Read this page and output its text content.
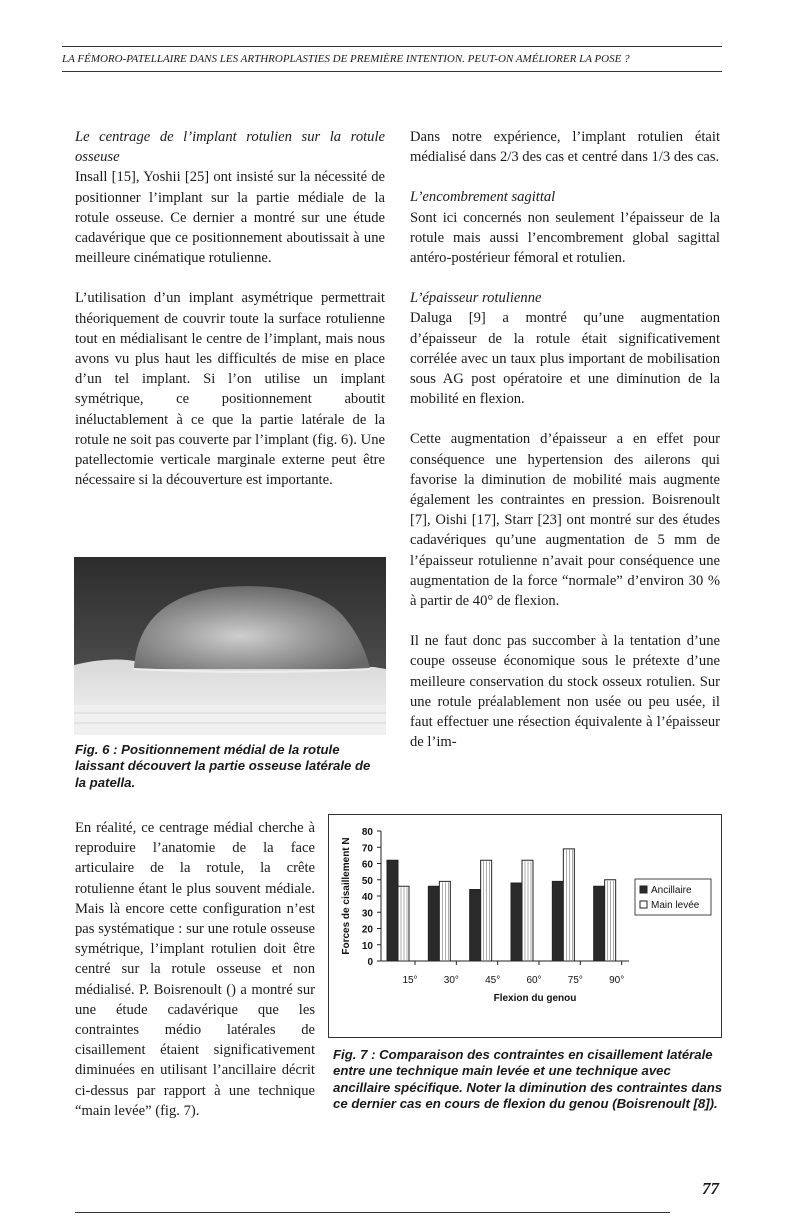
LA FÉMORO-PATELLAIRE DANS LES ARTHROPLASTIES DE PREMIÈRE INTENTION. PEUT-ON AMÉLIORER LA POSE ?

Le centrage de l’implant rotulien sur la rotule osseuse

Insall [15], Yoshii [25] ont insisté sur la nécessité de positionner l’implant sur la partie médiale de la rotule osseuse. Ce dernier a montré sur une étude cadavérique que ce positionnement aboutissait à une meilleure cinématique rotulienne.

L’utilisation d’un implant asymétrique permettrait théoriquement de couvrir toute la surface rotulienne tout en médialisant le centre de l’implant, mais nous avons vu plus haut les difficultés de mise en place d’un tel implant. Si l’on utilise un implant symétrique, ce positionnement aboutit inéluctablement à ce que la partie latérale de la rotule ne soit pas couverte par l’implant (fig. 6). Une patellectomie verticale marginale externe peut être nécessaire si la découverture est importante.

Fig. 6 : Positionnement médial de la rotule laissant découvert la partie osseuse latérale de la patella.

En réalité, ce centrage médial cherche à reproduire l’anatomie de la face articulaire de la rotule, la crête rotulienne étant le plus souvent médiale. Mais là encore cette configuration n’est pas systématique : sur une rotule osseuse symétrique, l’implant rotulien doit être centré sur la rotule osseuse et non médialisé. P. Boisrenoult () a montré sur une étude cadavérique que les contraintes médio latérales de cisaillement étaient significativement diminuées en utilisant l’ancillaire décrit ci-dessus par rapport à une technique “main levée” (fig. 7).

Dans notre expérience, l’implant rotulien était médialisé dans 2/3 des cas et centré dans 1/3 des cas.

L’encombrement sagittal

Sont ici concernés non seulement l’épaisseur de la rotule mais aussi l’encombrement global sagittal antéro-postérieur fémoral et rotulien.

L’épaisseur rotulienne

Daluga [9] a montré qu’une augmentation d’épaisseur de la rotule était significativement corrélée avec un taux plus important de mobilisation sous AG post opératoire et une diminution de la mobilité en flexion.

Cette augmentation d’épaisseur a en effet pour conséquence une hypertension des ailerons qui favorise la diminution de mobilité mais augmente également les contraintes en pression. Boisrenoult [7], Oishi [17], Starr [23] ont montré sur des études cadavériques qu’une augmentation de 5 mm de l’épaisseur rotulienne n’avait pour conséquence une augmentation de la force “normale” d’environ 30 % à partir de 40° de flexion.

Il ne faut donc pas succomber à la tentation d’une coupe osseuse économique sous le prétexte d’une meilleure conservation du stock osseux rotulien. Sur une rotule préalablement non usée ou peu usée, il faut effectuer une résection équivalente à l’épaisseur de l’im-

0
10
20
30
40
50
60
70
80
Forces de cisaillement N
15°	30°	45°	60°	75°	90°
Flexion du genou
Ancillaire
Main levée
Fig. 7 : Comparaison des contraintes en cisaillement latérale entre une technique main levée et une technique avec ancillaire spécifique. Noter la diminution des contraintes dans ce dernier cas en cours de flexion du genou (Boisrenoult [8]).
77
